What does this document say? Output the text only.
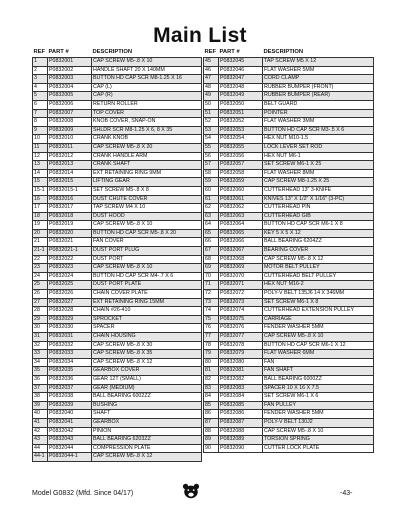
Main List
REF	PART #	DESCRIPTION
1	P0832001	CAP SCREW M5-.8 X 10
2	P0832002	HANDLE SHAFT 20 X 140MM
3	P0832003	BUTTON HD CAP SCR M8-1.25 X 16
4	P0832004	CAP (L)
5	P0832005	CAP (R)
6	P0832006	RETURN ROLLER
7	P0832007	TOP COVER
8	P0832008	KNOB COVER, SNAP-ON
9	P0832009	SHLDR SCR M8-1.25 X 6, 8 X 35
10	P0832010	CRANK KNOB
11	P0832011	CAP SCREW M5-.8 X 20
12	P0832012	CRANK HANDLE ARM
13	P0832013	CRANK SHAFT
14	P0832014	EXT RETAINING RING 9MM
15	P0832015	LIFTING GEAR
15-1	P0832015-1	SET SCREW M5-.8 X 8
16	P0832016	DUST CHUTE COVER
17	P0832017	TAP SCREW M4 X 10
18	P0832018	DUST HOOD
19	P0832019	CAP SCREW M5-.8 X 10
20	P0832020	BUTTON HD CAP SCR M5-.8 X 20
21	P0832021	FAN COVER
21-1	P0832021-1	DUST PORT PLUG
22	P0832022	DUST PORT
23	P0832023	CAP SCREW M5-.8 X 10
24	P0832024	BUTTON HD CAP SCR M4-.7 X 6
25	P0832025	DUST PORT PLATE
26	P0832026	CHAIN COVER PLATE
27	P0832027	EXT RETAINING RING 15MM
28	P0832028	CHAIN #26-410
29	P0832029	SPROCKET
30	P0832030	SPACER
31	P0832031	CHAIN HOUSING
32	P0832032	CAP SCREW M5-.8 X 30
33	P0832033	CAP SCREW M5-.8 X 35
34	P0832034	CAP SCREW M5-.8 X 12
35	P0832035	GEARBOX COVER
36	P0832036	GEAR 12T (SMALL)
37	P0832037	GEAR (MEDIUM)
38	P0832038	BALL BEARING 6002ZZ
39	P0832039	BUSHING
40	P0832040	SHAFT
41	P0832041	GEARBOX
42	P0832042	PINION
43	P0832043	BALL BEARING 6203ZZ
44	P0832044	COMPRESSION PLATE
44-1	P0832044-1	CAP SCREW M5-.8 X 12
REF	PART #	DESCRIPTION
45	P0832045	TAP SCREW M5 X 12
46	P0832046	FLAT WASHER 5MM
47	P0832047	CORD CLAMP
48	P0832048	RUBBER BUMPER (FRONT)
49	P0832049	RUBBER BUMPER (REAR)
50	P0832050	BELT GUARD
51	P0832051	POINTER
52	P0832052	FLAT WASHER 3MM
53	P0832053	BUTTON HD CAP SCR M3-.5 X 6
54	P0832054	HEX NUT M10-1.5
55	P0832055	LOCK LEVER SET ROD
56	P0832056	HEX NUT M6-1
57	P0832057	SET SCREW M6-1 X 25
58	P0832058	FLAT WASHER 8MM
59	P0832059	CAP SCREW M8-1.25 X 25
60	P0832060	CUTTERHEAD 13" 3-KNIFE
61	P0832061	KNIVES 13" X 1/2" X 1/16" (3-PC)
62	P0832062	CUTTERHEAD PIN
63	P0832063	CUTTERHEAD GIB
64	P0832064	BUTTON HD CAP SCR M6-1 X 8
65	P0832065	KEY 5 X 5 X 12
66	P0832066	BALL BEARING 6204ZZ
67	P0832067	BEARING COVER
68	P0832068	CAP SCREW M5-.8 X 12
69	P0832069	MOTOR BELT PULLEY
70	P0832070	CUTTERHEAD BELT PULLEY
71	P0832071	HEX NUT M16-2
72	P0832072	POLY-V BELT 135J6 14 X 346MM
73	P0832073	SET SCREW M6-1 X 8
74	P0832074	CUTTERHEAD EXTENSION PULLEY
75	P0832075	CARRIAGE
76	P0832076	FENDER WASHER 5MM
77	P0832077	CAP SCREW M5-.8 X 10
78	P0832078	BUTTON HD CAP SCR M6-1 X 12
79	P0832079	FLAT WASHER 6MM
80	P0832080	FAN
81	P0832081	FAN SHAFT
82	P0832082	BALL BEARING 6000ZZ
83	P0832083	SPACER 10 X 16 X 7.5
84	P0832084	SET SCREW M6-1 X 6
85	P0832085	FAN PULLEY
86	P0832086	FENDER WASHER 5MM
87	P0832087	POLY-V BELT 130J2
88	P0832088	CAP SCREW M5-.8 X 10
89	P0832089	TORSION SPRING
90	P0832090	CUTTER LOCK PLATE
Model G0832 (Mfd. Since 04/17)	-43-
